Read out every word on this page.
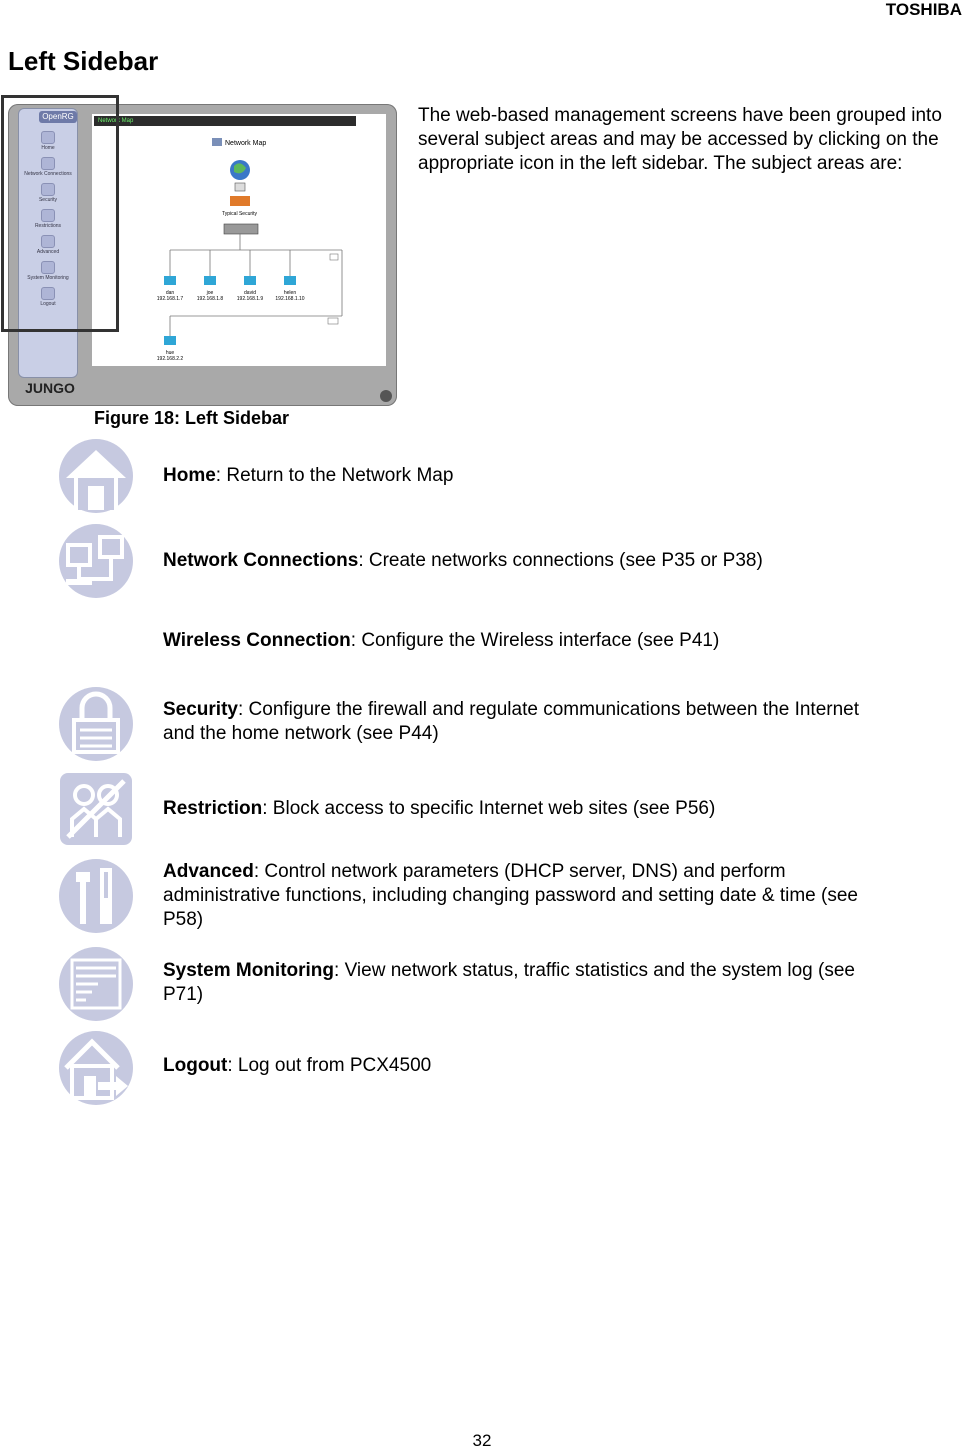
TOSHIBA
Left Sidebar
The web-based management screens have been grouped into several subject areas and may be accessed by clicking on the appropriate icon in the left sidebar. The subject areas are:
OpenRG
Home
Network Connections
Security
Restrictions
Advanced
System Monitoring
Logout
Network Map
Typical Security
dan
192.168.1.7
joe
192.168.1.8
david
192.168.1.9
helen
192.168.1.10
hue
192.168.2.2
Network Map
JUNGO
Figure 18: Left Sidebar
Home: Return to the Network Map
Network Connections: Create networks connections (see P35 or P38)
Wireless Connection: Configure the Wireless interface (see P41)
Security: Configure the firewall and regulate communications between the Internet and the home network (see P44)
Restriction: Block access to specific Internet web sites (see P56)
Advanced: Control network parameters (DHCP server, DNS) and perform administrative functions, including changing password and setting date & time (see P58)
System Monitoring: View network status, traffic statistics and the system log (see P71)
Logout: Log out from PCX4500
32
